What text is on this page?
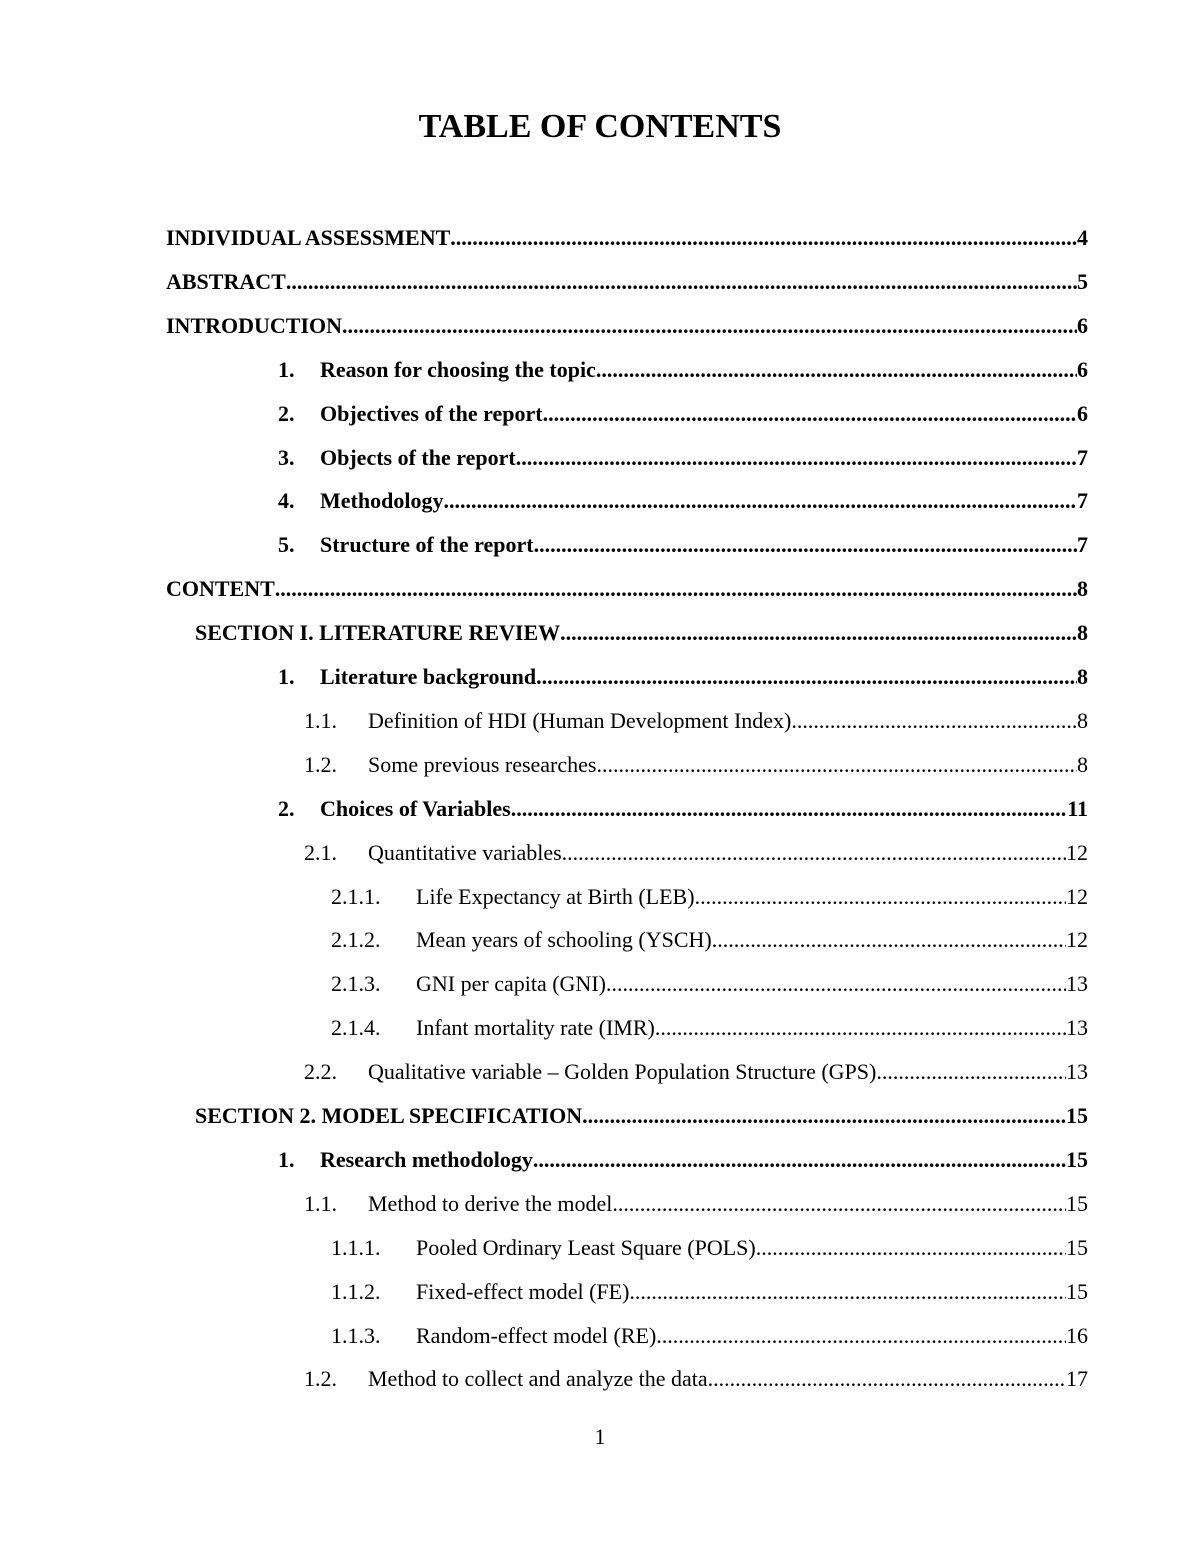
TABLE OF CONTENTS
INDIVIDUAL ASSESSMENT .....	4
ABSTRACT .....	5
INTRODUCTION .....	6
1.	Reason for choosing the topic .....	6
2.	Objectives of the report .....	6
3.	Objects of the report .....	7
4.	Methodology .....	7
5.	Structure of the report .....	7
CONTENT .....	8
SECTION I. LITERATURE REVIEW .....	8
1.	Literature background .....	8
1.1.	Definition of HDI (Human Development Index) .....	8
1.2.	Some previous researches .....	8
2.	Choices of Variables .....	11
2.1.	Quantitative variables .....	12
2.1.1.	Life Expectancy at Birth (LEB) .....	12
2.1.2.	Mean years of schooling (YSCH) .....	12
2.1.3.	GNI per capita (GNI) .....	13
2.1.4.	Infant mortality rate (IMR) .....	13
2.2.	Qualitative variable – Golden Population Structure (GPS) .....	13
SECTION 2. MODEL SPECIFICATION .....	15
1.	Research methodology .....	15
1.1.	Method to derive the model .....	15
1.1.1.	Pooled Ordinary Least Square (POLS) .....	15
1.1.2.	Fixed-effect model (FE) .....	15
1.1.3.	Random-effect model (RE) .....	16
1.2.	Method to collect and analyze the data .....	17
1
